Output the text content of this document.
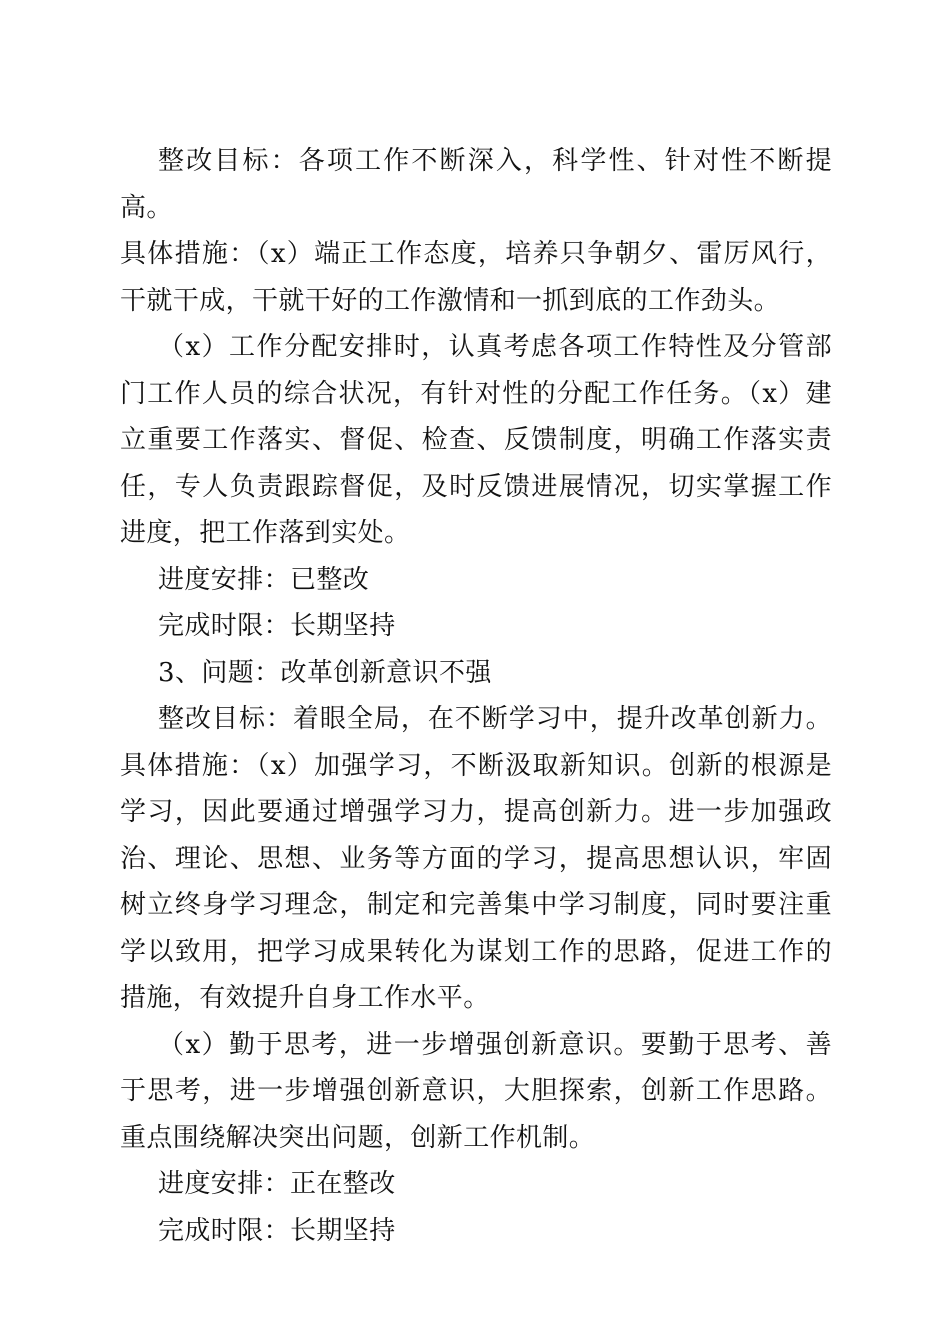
整改目标：各项工作不断深入，科学性、针对性不断提高。

具体措施：（x）端正工作态度，培养只争朝夕、雷厉风行，干就干成，干就干好的工作激情和一抓到底的工作劲头。

（x）工作分配安排时，认真考虑各项工作特性及分管部门工作人员的综合状况，有针对性的分配工作任务。（x）建立重要工作落实、督促、检查、反馈制度，明确工作落实责任，专人负责跟踪督促，及时反馈进展情况，切实掌握工作进度，把工作落到实处。

进度安排：已整改

完成时限：长期坚持

3、问题：改革创新意识不强

整改目标：着眼全局，在不断学习中，提升改革创新力。具体措施：（x）加强学习，不断汲取新知识。创新的根源是学习，因此要通过增强学习力，提高创新力。进一步加强政治、理论、思想、业务等方面的学习，提高思想认识，牢固树立终身学习理念，制定和完善集中学习制度，同时要注重学以致用，把学习成果转化为谋划工作的思路，促进工作的措施，有效提升自身工作水平。

（x）勤于思考，进一步增强创新意识。要勤于思考、善于思考，进一步增强创新意识，大胆探索，创新工作思路。重点围绕解决突出问题，创新工作机制。

进度安排：正在整改

完成时限：长期坚持
